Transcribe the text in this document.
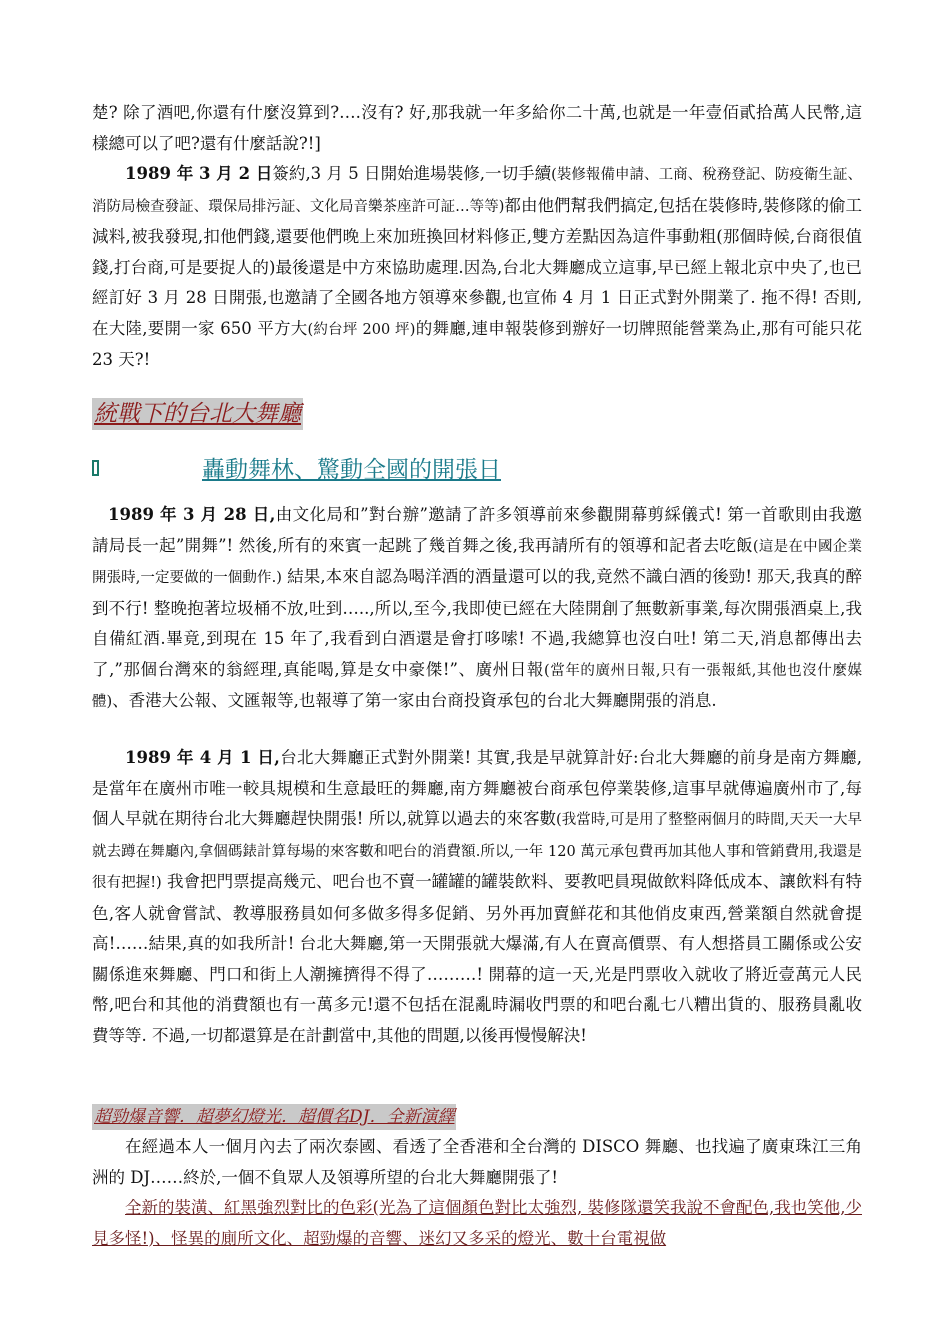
楚? 除了酒吧,你還有什麼沒算到?….沒有? 好,那我就一年多給你二十萬,也就是一年壹佰貳拾萬人民幣,這樣總可以了吧?還有什麼話說?!]

1989 年 3 月 2 日簽約,3 月 5 日開始進場裝修,一切手續(裝修報備申請、工商、稅務登記、防疫衛生証、消防局檢查發証、環保局排污証、文化局音樂茶座許可証…等等)都由他們幫我們搞定,包括在裝修時,裝修隊的偷工減料,被我發現,扣他們錢,還要他們晚上來加班換回材料修正,雙方差點因為這件事動粗(那個時候,台商很值錢,打台商,可是要捉人的)最後還是中方來協助處理.因為,台北大舞廳成立這事,早已經上報北京中央了,也已經訂好 3 月 28 日開張,也邀請了全國各地方領導來參觀,也宣佈 4 月 1 日正式對外開業了. 拖不得! 否則,在大陸,要開一家 650 平方大(約台坪 200 坪)的舞廳,連申報裝修到辦好一切牌照能營業為止,那有可能只花 23 天?!

統戰下的台北大舞廳
轟動舞林、驚動全國的開張日

1989 年 3 月 28 日,由文化局和”對台辦”邀請了許多領導前來參觀開幕剪綵儀式! 第一首歌則由我邀請局長一起”開舞”! 然後,所有的來賓一起跳了幾首舞之後,我再請所有的領導和記者去吃飯(這是在中國企業開張時,一定要做的一個動作.) 結果,本來自認為喝洋酒的酒量還可以的我,竟然不識白酒的後勁! 那天,我真的醉到不行! 整晚抱著垃圾桶不放,吐到…..,所以,至今,我即使已經在大陸開創了無數新事業,每次開張酒桌上,我自備紅酒.畢竟,到現在 15 年了,我看到白酒還是會打哆嗦! 不過,我總算也沒白吐! 第二天,消息都傳出去了,”那個台灣來的翁經理,真能喝,算是女中豪傑!”、廣州日報(當年的廣州日報,只有一張報紙,其他也沒什麼媒體)、香港大公報、文匯報等,也報導了第一家由台商投資承包的台北大舞廳開張的消息.

1989 年 4 月 1 日,台北大舞廳正式對外開業! 其實,我是早就算計好:台北大舞廳的前身是南方舞廳,是當年在廣州市唯一較具規模和生意最旺的舞廳,南方舞廳被台商承包停業裝修,這事早就傳遍廣州市了,每個人早就在期待台北大舞廳趕快開張! 所以,就算以過去的來客數(我當時,可是用了整整兩個月的時間,天天一大早就去蹲在舞廳內,拿個碼錶計算每場的來客數和吧台的消費額.所以,一年 120 萬元承包費再加其他人事和管銷費用,我還是很有把握!) 我會把門票提高幾元、吧台也不賣一罐罐的罐裝飲料、要教吧員現做飲料降低成本、讓飲料有特色,客人就會嘗試、教導服務員如何多做多得多促銷、另外再加賣鮮花和其他俏皮東西,營業額自然就會提高!……結果,真的如我所計! 台北大舞廳,第一天開張就大爆滿,有人在賣高價票、有人想搭員工關係或公安關係進來舞廳、門口和街上人潮擁擠得不得了………! 開幕的這一天,光是門票收入就收了將近壹萬元人民幣,吧台和其他的消費額也有一萬多元!還不包括在混亂時漏收門票的和吧台亂七八糟出貨的、服務員亂收費等等. 不過,一切都還算是在計劃當中,其他的問題,以後再慢慢解決!

超勁爆音響．超夢幻燈光．超價名DJ．全新演繹

在經過本人一個月內去了兩次泰國、看透了全香港和全台灣的 DISCO 舞廳、也找遍了廣東珠江三角洲的 DJ……終於,一個不負眾人及領導所望的台北大舞廳開張了!

全新的裝潢、紅黑強烈對比的色彩(光為了這個顏色對比太強烈, 裝修隊還笑我說不會配色,我也笑他,少見多怪!)、怪異的廁所文化、超勁爆的音響、迷幻又多采的燈光、數十台電視做
